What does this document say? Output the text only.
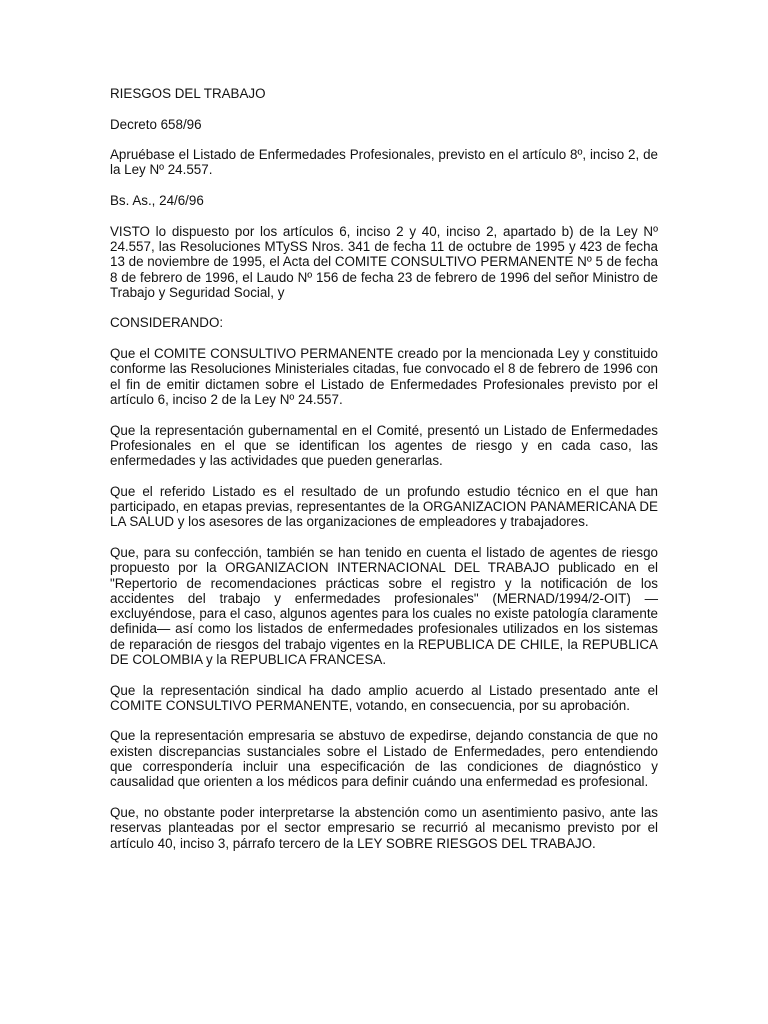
RIESGOS DEL TRABAJO

Decreto 658/96

Apruébase el Listado de Enfermedades Profesionales, previsto en el artículo 8º, inciso 2, de la Ley Nº 24.557.

Bs. As., 24/6/96

VISTO lo dispuesto por los artículos 6, inciso 2 y 40, inciso 2, apartado b) de la Ley Nº 24.557, las Resoluciones MTySS Nros. 341 de fecha 11 de octubre de 1995 y 423 de fecha 13 de noviembre de 1995, el Acta del COMITE CONSULTIVO PERMANENTE Nº 5 de fecha 8 de febrero de 1996, el Laudo Nº 156 de fecha 23 de febrero de 1996 del señor Ministro de Trabajo y Seguridad Social, y

CONSIDERANDO:

Que el COMITE CONSULTIVO PERMANENTE creado por la mencionada Ley y constituido conforme las Resoluciones Ministeriales citadas, fue convocado el 8 de febrero de 1996 con el fin de emitir dictamen sobre el Listado de Enfermedades Profesionales previsto por el artículo 6, inciso 2 de la Ley Nº 24.557.

Que la representación gubernamental en el Comité, presentó un Listado de Enfermedades Profesionales en el que se identifican los agentes de riesgo y en cada caso, las enfermedades y las actividades que pueden generarlas.

Que el referido Listado es el resultado de un profundo estudio técnico en el que han participado, en etapas previas, representantes de la ORGANIZACION PANAMERICANA DE LA SALUD y los asesores de las organizaciones de empleadores y trabajadores.

Que, para su confección, también se han tenido en cuenta el listado de agentes de riesgo propuesto por la ORGANIZACION INTERNACIONAL DEL TRABAJO publicado en el "Repertorio de recomendaciones prácticas sobre el registro y la notificación de los accidentes del trabajo y enfermedades profesionales" (MERNAD/1994/2-OIT) — excluyéndose, para el caso, algunos agentes para los cuales no existe patología claramente definida— así como los listados de enfermedades profesionales utilizados en los sistemas de reparación de riesgos del trabajo vigentes en la REPUBLICA DE CHILE, la REPUBLICA DE COLOMBIA y la REPUBLICA FRANCESA.

Que la representación sindical ha dado amplio acuerdo al Listado presentado ante el COMITE CONSULTIVO PERMANENTE, votando, en consecuencia, por su aprobación.

Que la representación empresaria se abstuvo de expedirse, dejando constancia de que no existen discrepancias sustanciales sobre el Listado de Enfermedades, pero entendiendo que correspondería incluir una especificación de las condiciones de diagnóstico y causalidad que orienten a los médicos para definir cuándo una enfermedad es profesional.

Que, no obstante poder interpretarse la abstención como un asentimiento pasivo, ante las reservas planteadas por el sector empresario se recurrió al mecanismo previsto por el artículo 40, inciso 3, párrafo tercero de la LEY SOBRE RIESGOS DEL TRABAJO.
